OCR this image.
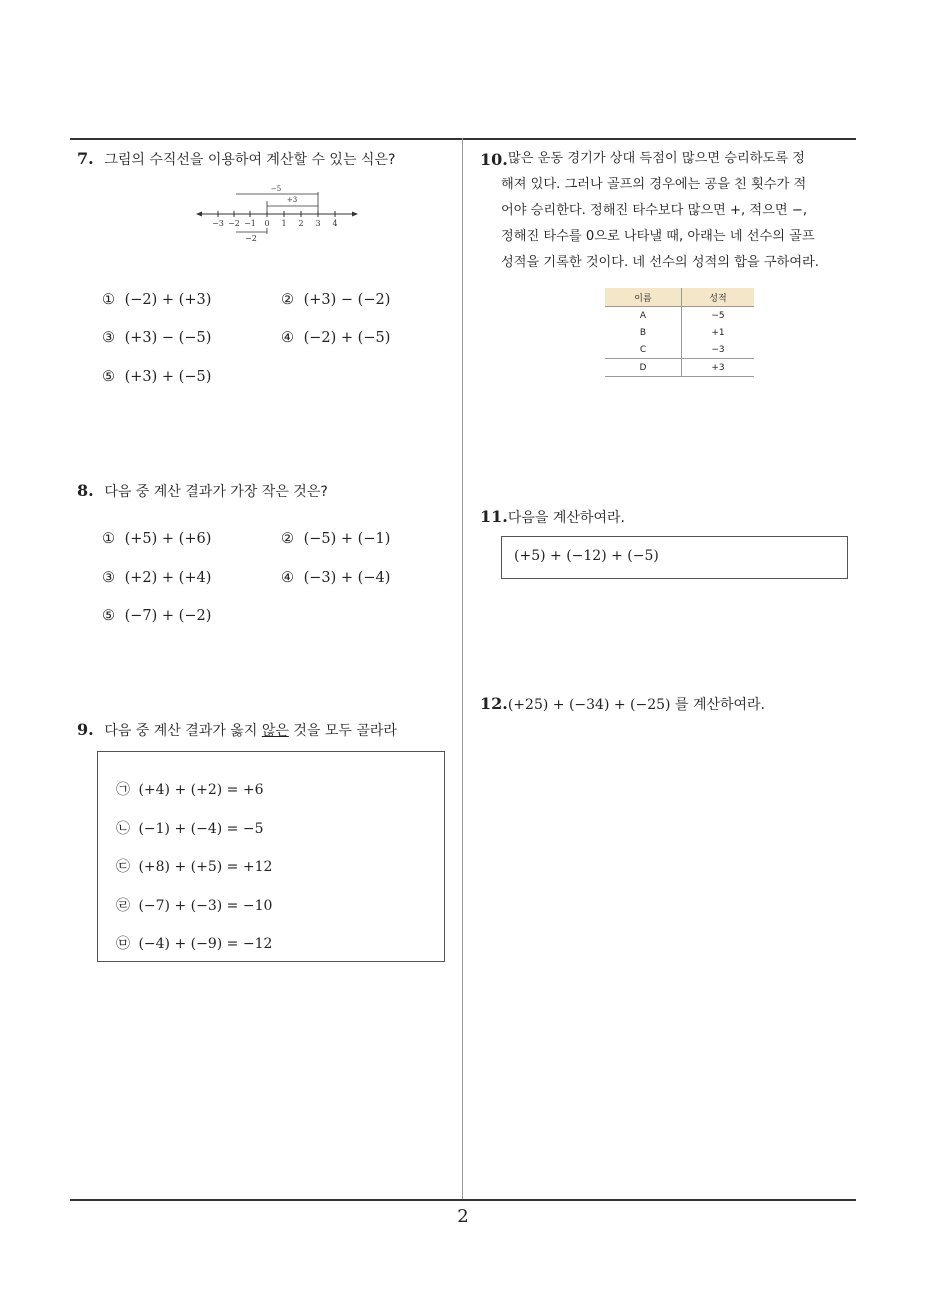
7. 그림의 수직선을 이용하여 계산할 수 있는 식은?
−3 −2 −1 0 1 2 3 4
−5
+3
−2
① (−2) + (+3)	② (+3) − (−2)
③ (+3) − (−5)	④ (−2) + (−5)
⑤ (+3) + (−5)
8. 다음 중 계산 결과가 가장 작은 것은?
① (+5) + (+6)	② (−5) + (−1)
③ (+2) + (+4)	④ (−3) + (−4)
⑤ (−7) + (−2)
9. 다음 중 계산 결과가 옳지 않은 것을 모두 골라라
㉠ (+4) + (+2) = +6
㉡ (−1) + (−4) = −5
㉢ (+8) + (+5) = +12
㉣ (−7) + (−3) = −10
㉤ (−4) + (−9) = −12
10. 많은 운동 경기가 상대 득점이 많으면 승리하도록 정
해져 있다. 그러나 골프의 경우에는 공을 친 횟수가 적
어야 승리한다. 정해진 타수보다 많으면 +, 적으면 −,
정해진 타수를 0으로 나타낼 때, 아래는 네 선수의 골프
성적을 기록한 것이다. 네 선수의 성적의 합을 구하여라.
이름	성적
A	−5
B	+1
C	−3
D	+3
11.다음을 계산하여라.
(+5) + (−12) + (−5)
12.(+25) + (−34) + (−25) 를 계산하여라.
2
